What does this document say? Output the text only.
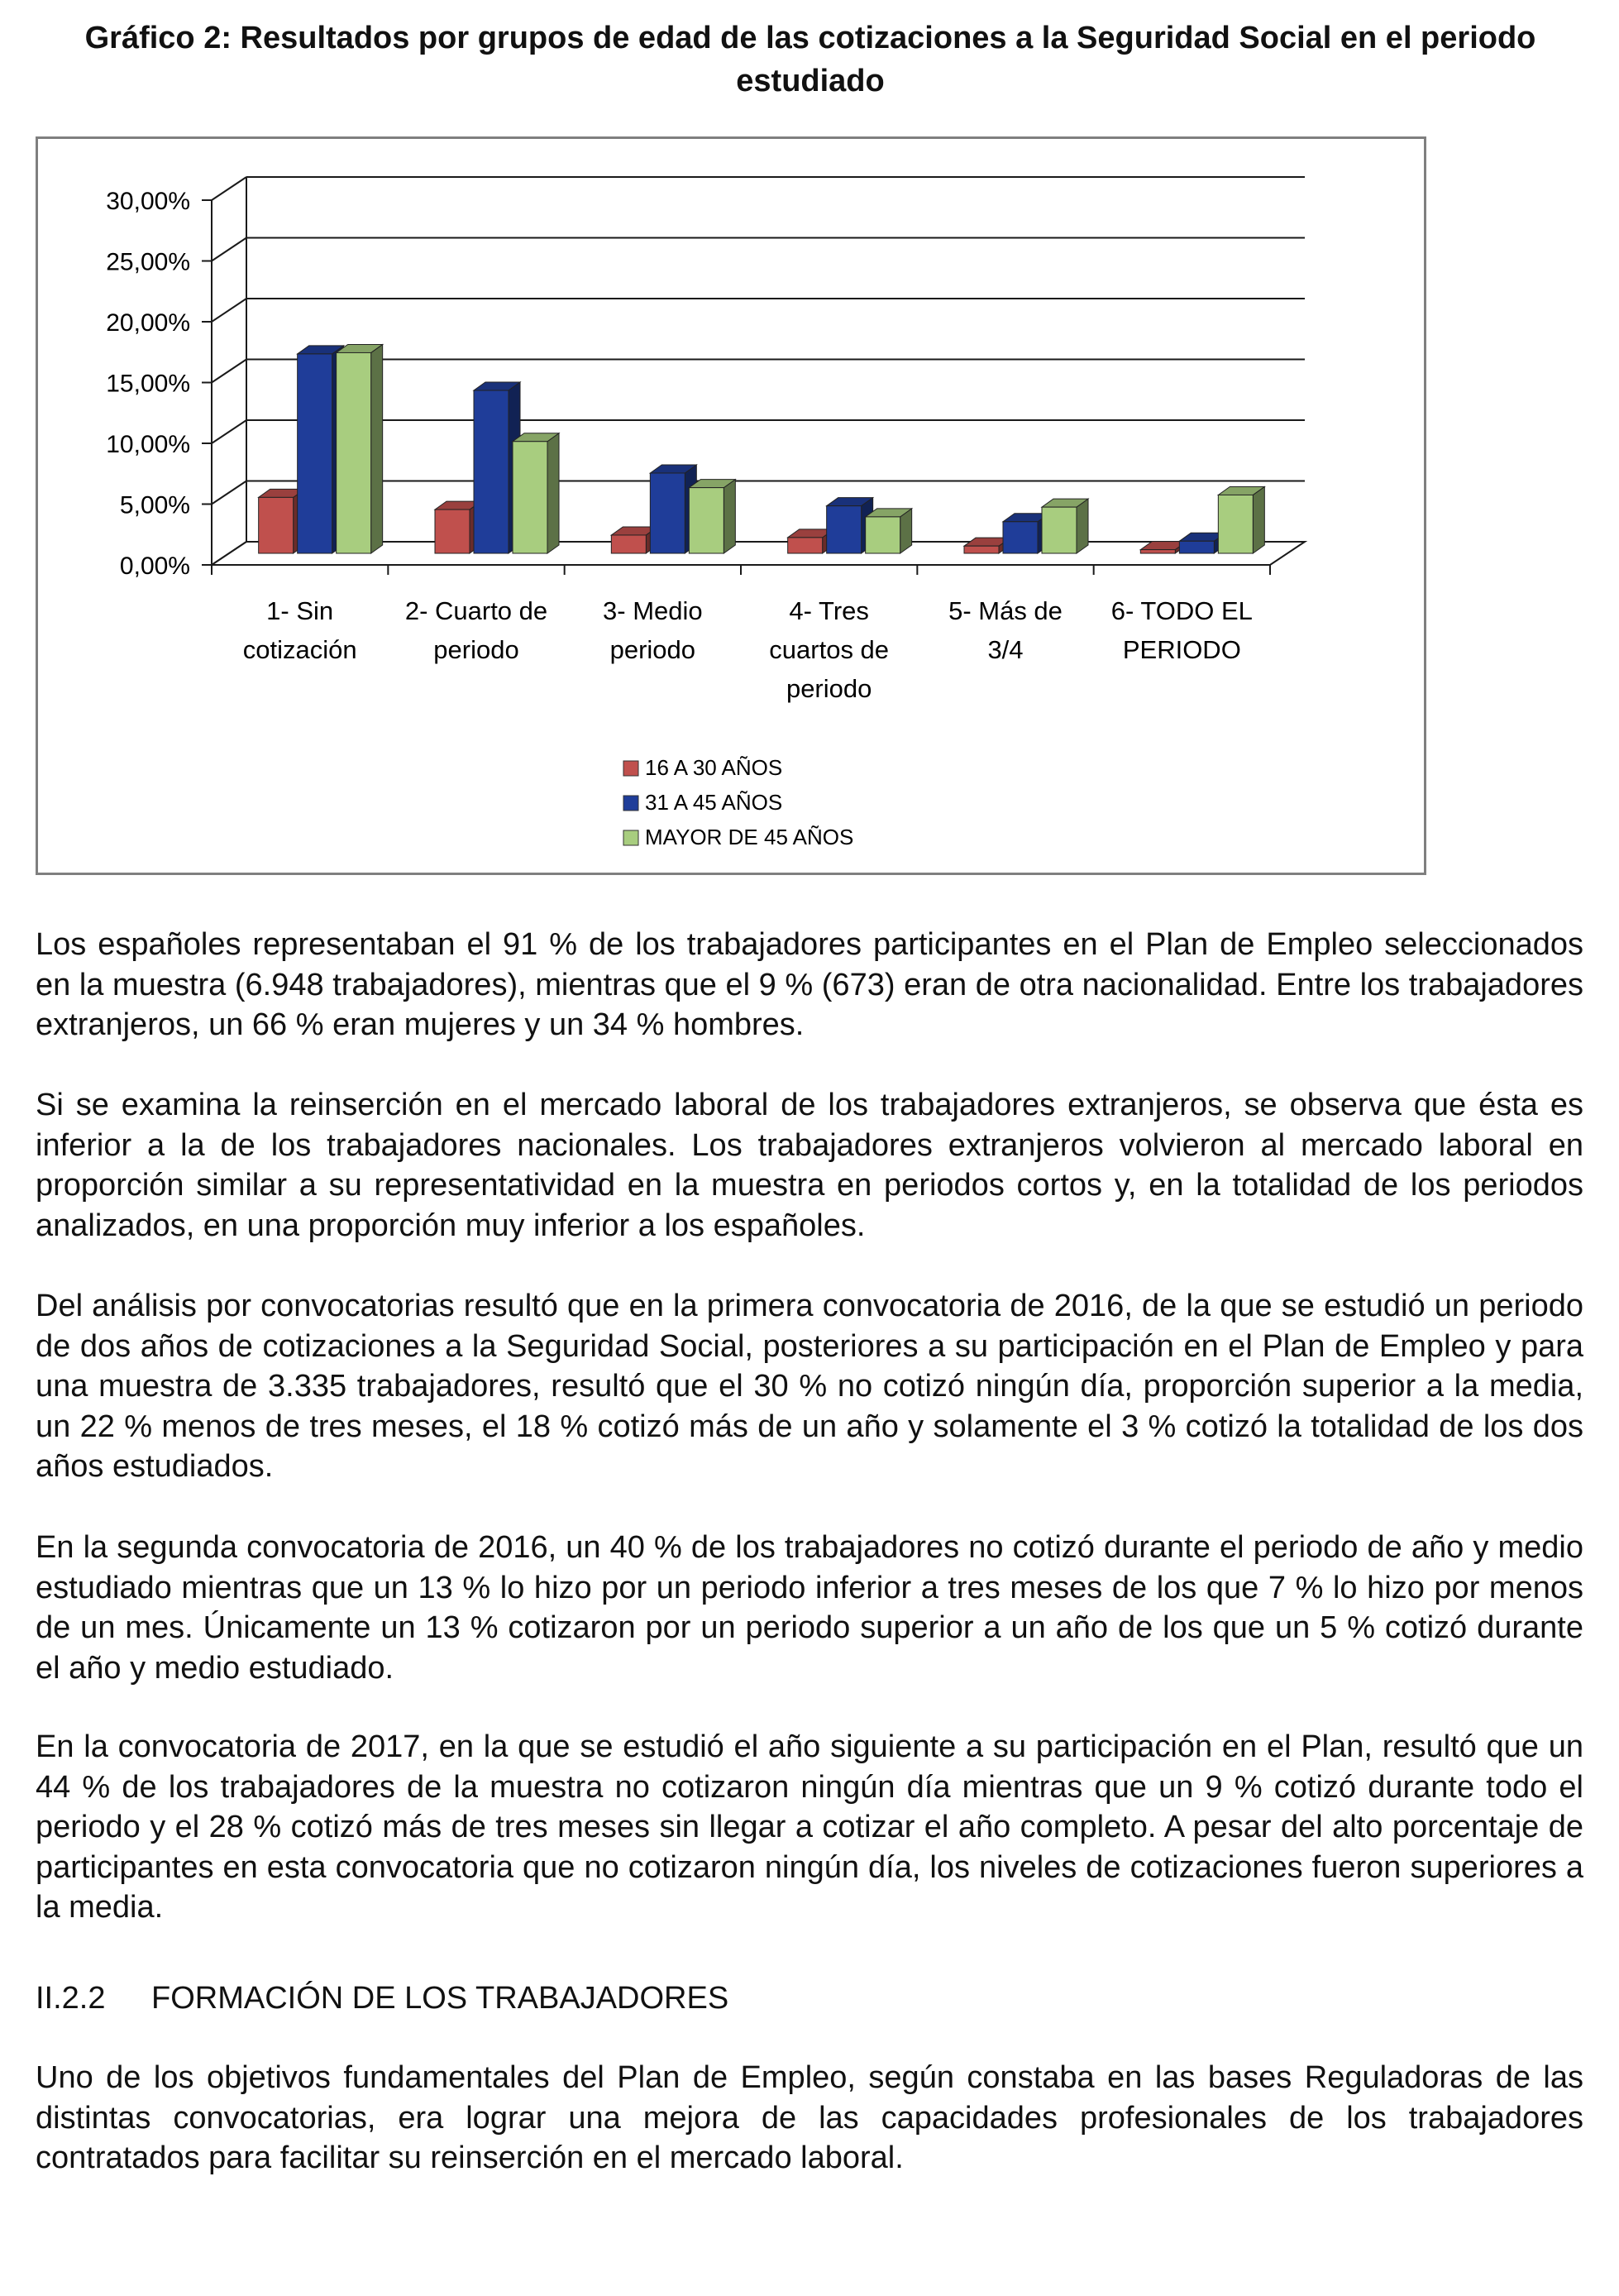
Gráfico 2: Resultados por grupos de edad de las cotizaciones a la Seguridad Social en el periodo estudiado
0,00%
5,00%
10,00%
15,00%
20,00%
25,00%
30,00%
1- Sin
cotización
2- Cuarto de
periodo
3- Medio
periodo
4- Tres
cuartos de
periodo
5- Más de
3/4
6- TODO EL
PERIODO
16 A 30 AÑOS
31 A 45 AÑOS
MAYOR DE 45 AÑOS

Los españoles representaban el 91 % de los trabajadores participantes en el Plan de Empleo seleccionados en la muestra (6.948 trabajadores), mientras que el 9 % (673) eran de otra nacionalidad. Entre los trabajadores extranjeros, un 66 % eran mujeres y un 34 % hombres.

Si se examina la reinserción en el mercado laboral de los trabajadores extranjeros, se observa que ésta es inferior a la de los trabajadores nacionales. Los trabajadores extranjeros volvieron al mercado laboral en proporción similar a su representatividad en la muestra en periodos cortos y, en la totalidad de los periodos analizados, en una proporción muy inferior a los españoles.

Del análisis por convocatorias resultó que en la primera convocatoria de 2016, de la que se estudió un periodo de dos años de cotizaciones a la Seguridad Social, posteriores a su participación en el Plan de Empleo y para una muestra de 3.335 trabajadores, resultó que el 30 % no cotizó ningún día, proporción superior a la media, un 22 % menos de tres meses, el 18 % cotizó más de un año y solamente el 3 % cotizó la totalidad de los dos años estudiados.

En la segunda convocatoria de 2016, un 40 % de los trabajadores no cotizó durante el periodo de año y medio estudiado mientras que un 13 % lo hizo por un periodo inferior a tres meses de los que 7 % lo hizo por menos de un mes. Únicamente un 13 % cotizaron por un periodo superior a un año de los que un 5 % cotizó durante el año y medio estudiado.

En la convocatoria de 2017, en la que se estudió el año siguiente a su participación en el Plan, resultó que un 44 % de los trabajadores de la muestra no cotizaron ningún día mientras que un 9 % cotizó durante todo el periodo y el 28 % cotizó más de tres meses sin llegar a cotizar el año completo. A pesar del alto porcentaje de participantes en esta convocatoria que no cotizaron ningún día, los niveles de cotizaciones fueron superiores a la media.

II.2.2 FORMACIÓN DE LOS TRABAJADORES

Uno de los objetivos fundamentales del Plan de Empleo, según constaba en las bases Reguladoras de las distintas convocatorias, era lograr una mejora de las capacidades profesionales de los trabajadores contratados para facilitar su reinserción en el mercado laboral.
